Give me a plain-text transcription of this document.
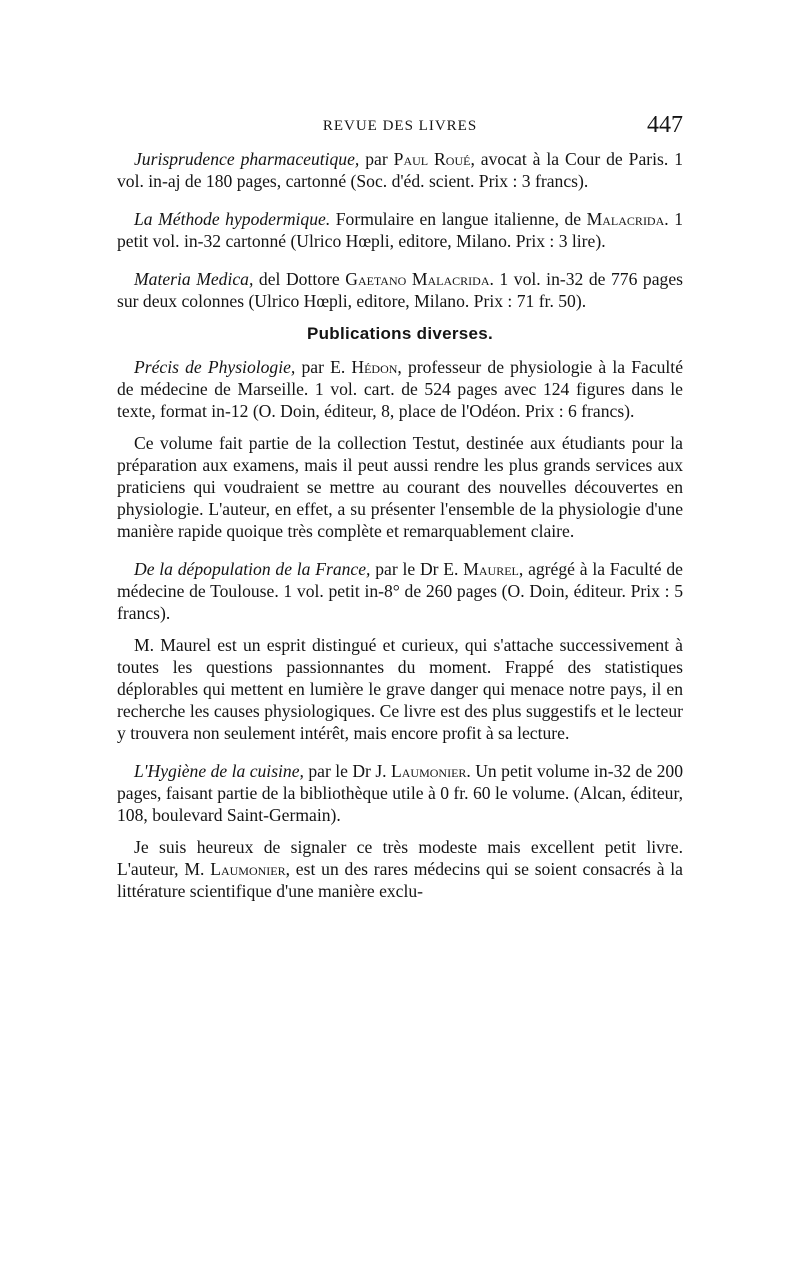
REVUE DES LIVRES	447

Jurisprudence pharmaceutique, par Paul Roué, avocat à la Cour de Paris. 1 vol. in-aj de 180 pages, cartonné (Soc. d'éd. scient. Prix : 3 francs).

La Méthode hypodermique. Formulaire en langue italienne, de Malacrida. 1 petit vol. in-32 cartonné (Ulrico Hœpli, editore, Milano. Prix : 3 lire).

Materia Medica, del Dottore Gaetano Malacrida. 1 vol. in-32 de 776 pages sur deux colonnes (Ulrico Hœpli, editore, Milano. Prix : 71 fr. 50).

Publications diverses.

Précis de Physiologie, par E. Hédon, professeur de physiologie à la Faculté de médecine de Marseille. 1 vol. cart. de 524 pages avec 124 figures dans le texte, format in-12 (O. Doin, éditeur, 8, place de l'Odéon. Prix : 6 francs).

Ce volume fait partie de la collection Testut, destinée aux étudiants pour la préparation aux examens, mais il peut aussi rendre les plus grands services aux praticiens qui voudraient se mettre au courant des nouvelles découvertes en physiologie. L'auteur, en effet, a su présenter l'ensemble de la physiologie d'une manière rapide quoique très complète et remarquablement claire.

De la dépopulation de la France, par le Dr E. Maurel, agrégé à la Faculté de médecine de Toulouse. 1 vol. petit in-8° de 260 pages (O. Doin, éditeur. Prix : 5 francs).

M. Maurel est un esprit distingué et curieux, qui s'attache successivement à toutes les questions passionnantes du moment. Frappé des statistiques déplorables qui mettent en lumière le grave danger qui menace notre pays, il en recherche les causes physiologiques. Ce livre est des plus suggestifs et le lecteur y trouvera non seulement intérêt, mais encore profit à sa lecture.

L'Hygiène de la cuisine, par le Dr J. Laumonier. Un petit volume in-32 de 200 pages, faisant partie de la bibliothèque utile à 0 fr. 60 le volume. (Alcan, éditeur, 108, boulevard Saint-Germain).

Je suis heureux de signaler ce très modeste mais excellent petit livre. L'auteur, M. Laumonier, est un des rares médecins qui se soient consacrés à la littérature scientifique d'une manière exclu-
